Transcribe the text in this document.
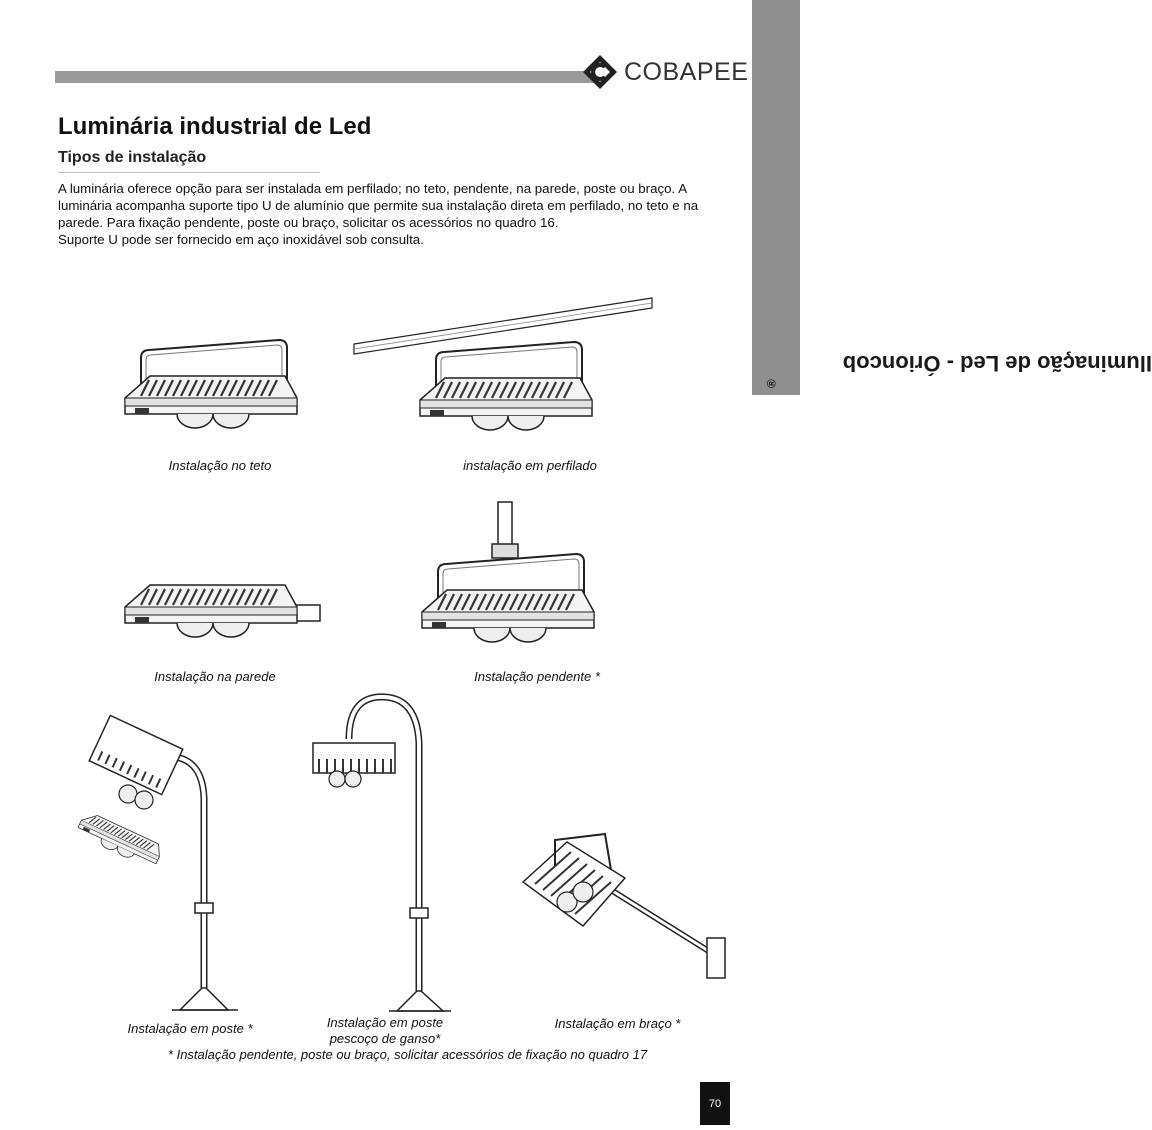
COBAPEE
Iluminação de Led - Órioncob
®
Luminária industrial de Led
Tipos de instalação

A luminária oferece opção para ser instalada em perfilado; no teto, pendente, na parede, poste ou braço. A luminária acompanha suporte tipo U de alumínio que permite sua instalação direta em perfilado, no teto e na parede. Para fixação pendente, poste ou braço, solicitar os acessórios no quadro 16.

Suporte U pode ser fornecido em aço inoxidável sob consulta.

Instalação no teto	instalação em perfilado
Instalação na parede	Instalação pendente *
Instalação em poste *	Instalação em poste
pescoço de ganso*
Instalação em braço *
* Instalação pendente, poste ou braço, solicitar acessórios de fixação no quadro 17
70
